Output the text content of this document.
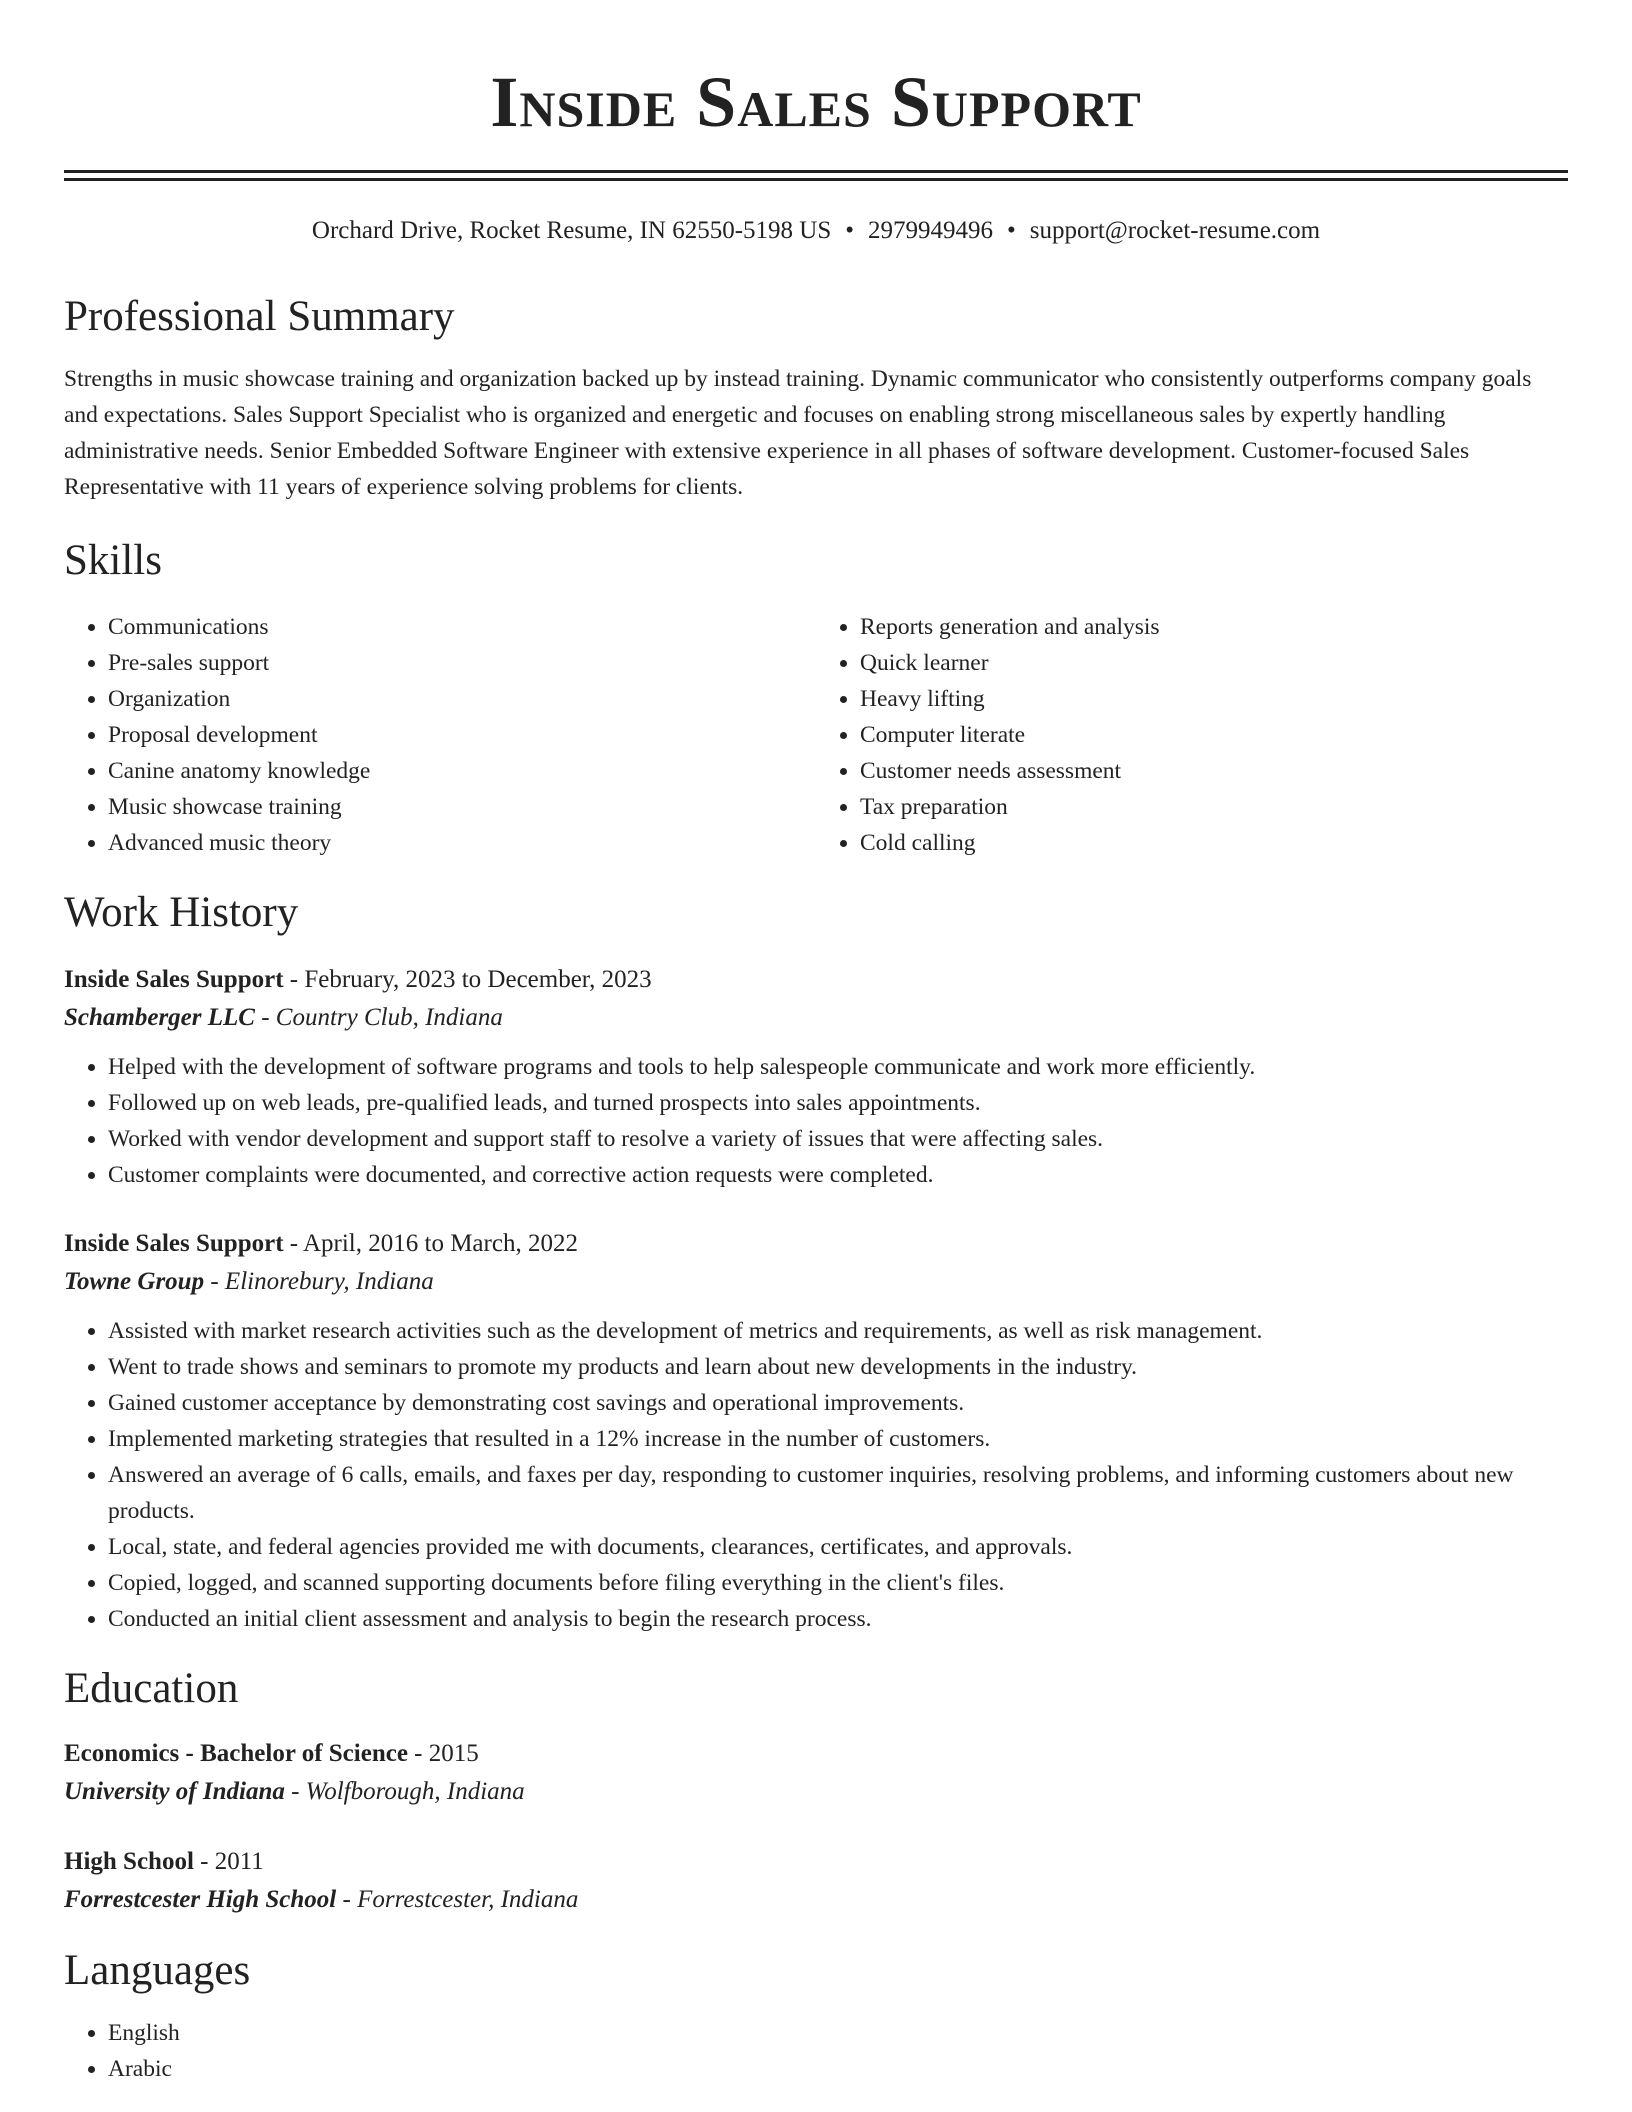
Inside Sales Support
Orchard Drive, Rocket Resume, IN 62550-5198 US • 2979949496 • support@rocket-resume.com
Professional Summary

Strengths in music showcase training and organization backed up by instead training. Dynamic communicator who consistently outperforms company goals and expectations. Sales Support Specialist who is organized and energetic and focuses on enabling strong miscellaneous sales by expertly handling administrative needs. Senior Embedded Software Engineer with extensive experience in all phases of software development. Customer-focused Sales Representative with 11 years of experience solving problems for clients.

Skills
• Communications
• Pre-sales support
• Organization
• Proposal development
• Canine anatomy knowledge
• Music showcase training
• Advanced music theory
• Reports generation and analysis
• Quick learner
• Heavy lifting
• Computer literate
• Customer needs assessment
• Tax preparation
• Cold calling
Work History
Inside Sales Support - February, 2023 to December, 2023
Schamberger LLC - Country Club, Indiana
• Helped with the development of software programs and tools to help salespeople communicate and work more efficiently.
• Followed up on web leads, pre-qualified leads, and turned prospects into sales appointments.
• Worked with vendor development and support staff to resolve a variety of issues that were affecting sales.
• Customer complaints were documented, and corrective action requests were completed.
Inside Sales Support - April, 2016 to March, 2022
Towne Group - Elinorebury, Indiana
• Assisted with market research activities such as the development of metrics and requirements, as well as risk management.
• Went to trade shows and seminars to promote my products and learn about new developments in the industry.
• Gained customer acceptance by demonstrating cost savings and operational improvements.
• Implemented marketing strategies that resulted in a 12% increase in the number of customers.
• Answered an average of 6 calls, emails, and faxes per day, responding to customer inquiries, resolving problems, and informing customers about new products.
• Local, state, and federal agencies provided me with documents, clearances, certificates, and approvals.
• Copied, logged, and scanned supporting documents before filing everything in the client's files.
• Conducted an initial client assessment and analysis to begin the research process.
Education
Economics - Bachelor of Science - 2015
University of Indiana - Wolfborough, Indiana
High School - 2011
Forrestcester High School - Forrestcester, Indiana
Languages
• English
• Arabic
